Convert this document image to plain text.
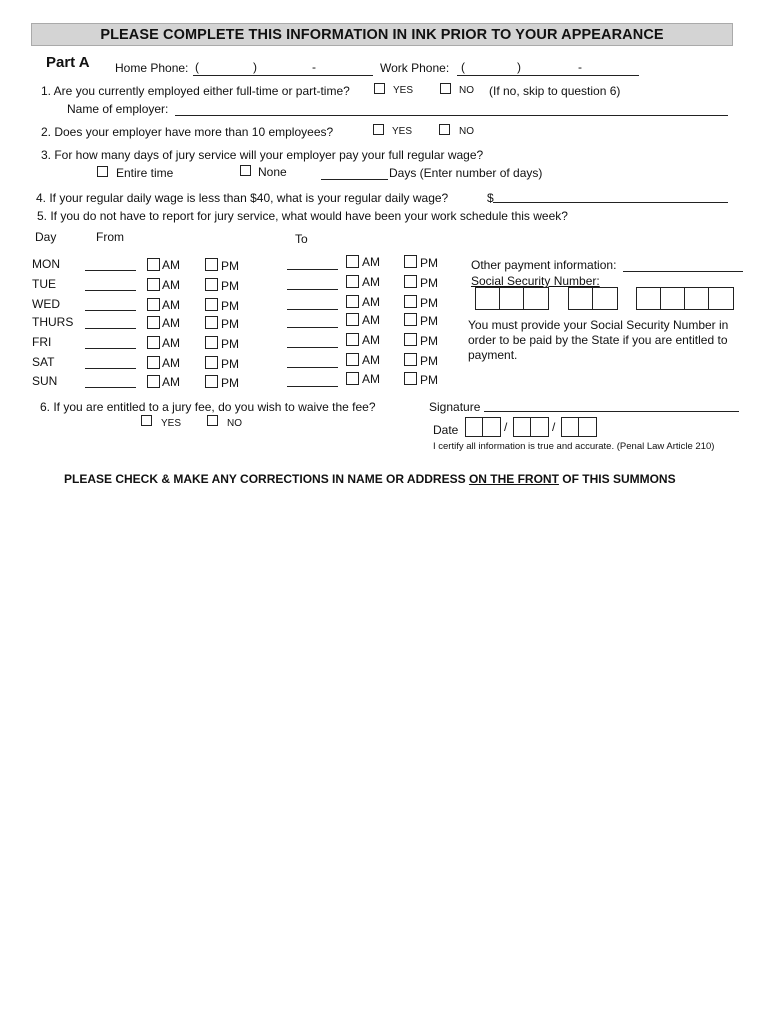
PLEASE COMPLETE THIS INFORMATION IN INK PRIOR TO YOUR APPEARANCE
Part A Home Phone: (	)	-	Work Phone: (	)	-
1. Are you currently employed either full-time or part-time?	YES	NO (If no, skip to question 6)
Name of employer:
2. Does your employer have more than 10 employees?	YES	NO
3. For how many days of jury service will your employer pay your full regular wage?
Entire time	None	Days (Enter number of days)
4. If your regular daily wage is less than $40, what is your regular daily wage?	$
5. If you do not have to report for jury service, what would have been your work schedule this week?
Day	From	To
MON	AM	PM	AM	PM
TUE	AM	PM	AM	PM
WED	AM	PM	AM	PM
THURS	AM	PM	AM	PM
FRI	AM	PM	AM	PM
SAT	AM	PM	AM	PM
SUN	AM	PM	AM	PM
Other payment information:
Social Security Number:
You must provide your Social Security Number in
order to be paid by the State if you are entitled to
payment.
6. If you are entitled to a jury fee, do you wish to waive the fee?
YES	NO
Signature
Date	/	/
I certify all information is true and accurate. (Penal Law Article 210)
PLEASE CHECK & MAKE ANY CORRECTIONS IN NAME OR ADDRESS ON THE FRONT OF THIS SUMMONS
